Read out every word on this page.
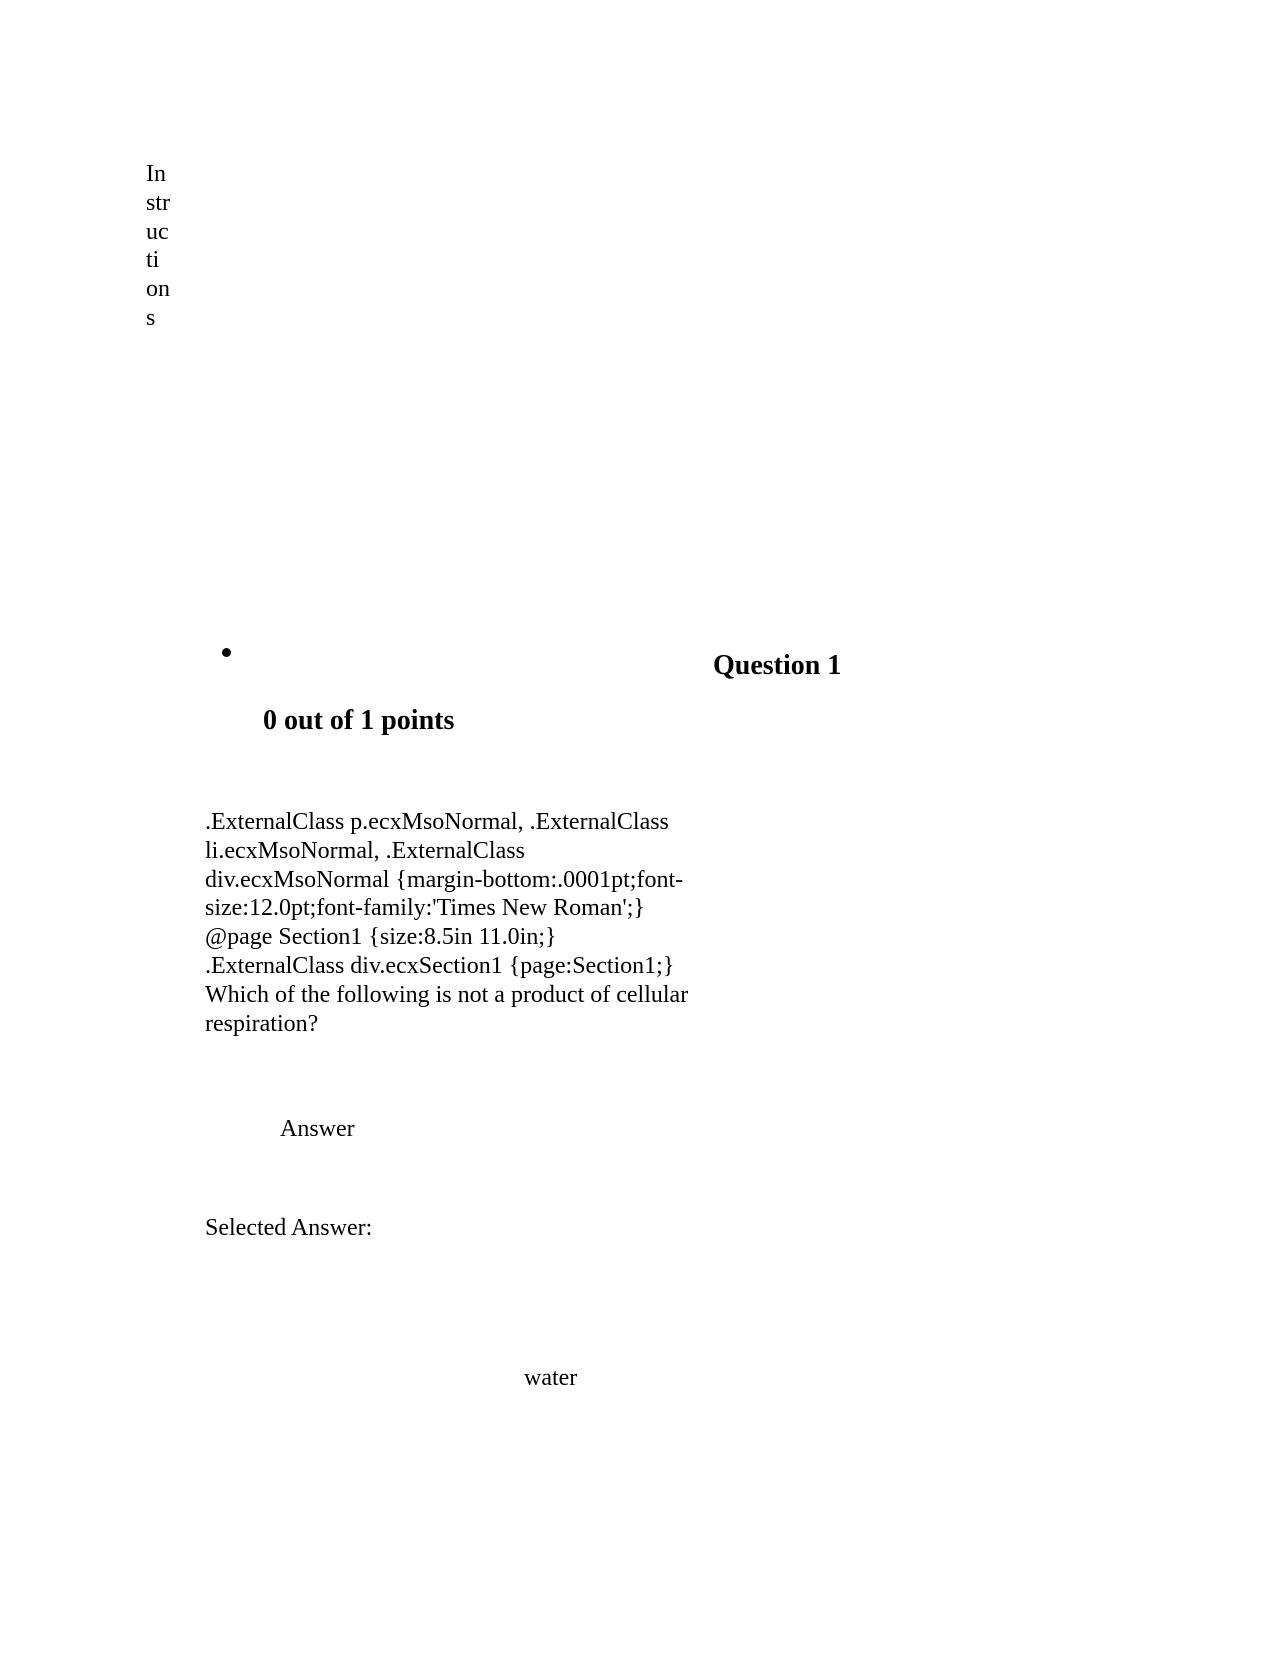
Instructions
Question 1
0 out of 1 points
.ExternalClass p.ecxMsoNormal, .ExternalClass li.ecxMsoNormal, .ExternalClass div.ecxMsoNormal {margin-bottom:.0001pt;font-size:12.0pt;font-family:'Times New Roman';} @page Section1 {size:8.5in 11.0in;} .ExternalClass div.ecxSection1 {page:Section1;} Which of the following is not a product of cellular respiration?
Answer
Selected Answer:
water
